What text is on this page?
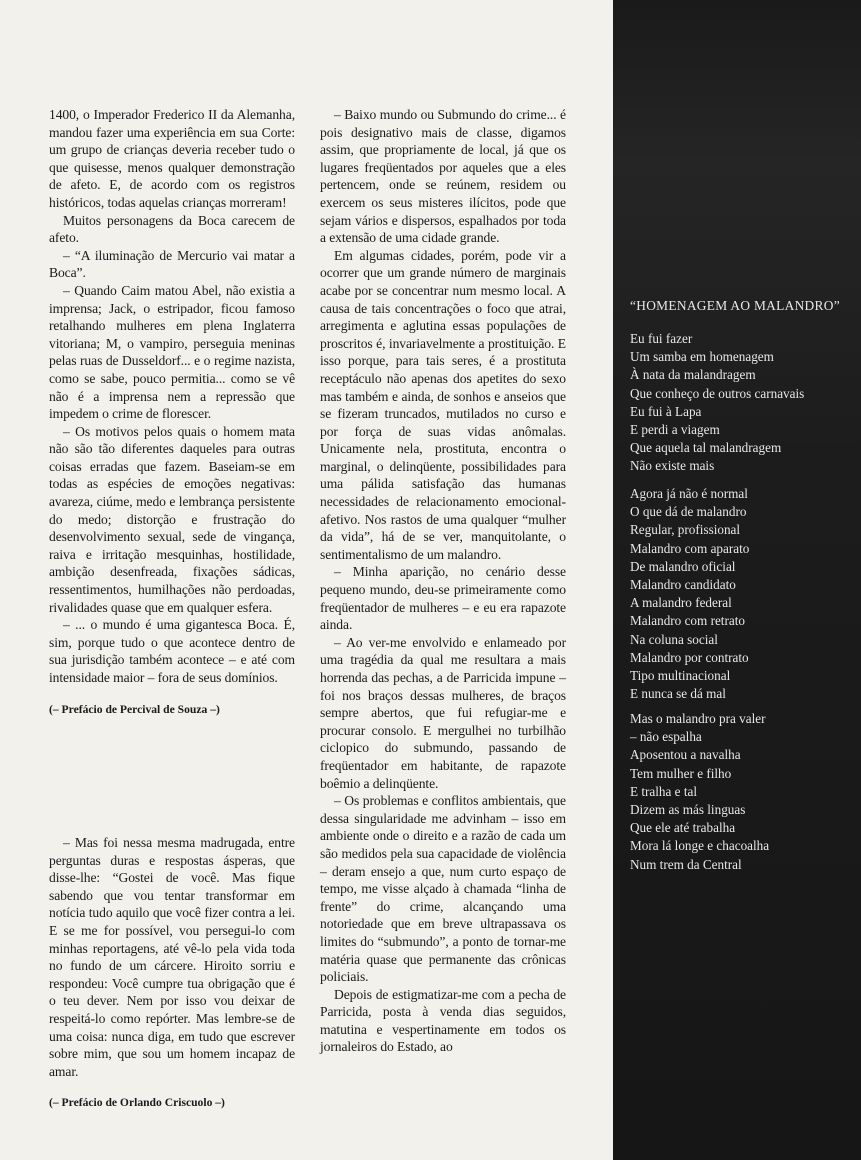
1400, o Imperador Frederico II da Alemanha, mandou fazer uma experiência em sua Corte: um grupo de crianças deveria receber tudo o que quisesse, menos qualquer demonstração de afeto. E, de acordo com os registros históricos, todas aquelas crianças morreram!

Muitos personagens da Boca carecem de afeto.

– “A iluminação de Mercurio vai matar a Boca”.

– Quando Caim matou Abel, não existia a imprensa; Jack, o estripador, ficou famoso retalhando mulheres em plena Inglaterra vitoriana; M, o vampiro, perseguia meninas pelas ruas de Dusseldorf... e o regime nazista, como se sabe, pouco permitia... como se vê não é a imprensa nem a repressão que impedem o crime de florescer.

– Os motivos pelos quais o homem mata não são tão diferentes daqueles para outras coisas erradas que fazem. Baseiam-se em todas as espécies de emoções negativas: avareza, ciúme, medo e lembrança persistente do medo; distorção e frustração do desenvolvimento sexual, sede de vingança, raiva e irritação mesquinhas, hostilidade, ambição desenfreada, fixações sádicas, ressentimentos, humilhações não perdoadas, rivalidades quase que em qualquer esfera.

– ... o mundo é uma gigantesca Boca. É, sim, porque tudo o que acontece dentro de sua jurisdição também acontece – e até com intensidade maior – fora de seus domínios.

(– Prefácio de Percival de Souza –)

– Mas foi nessa mesma madrugada, entre perguntas duras e respostas ásperas, que disse-lhe: “Gostei de você. Mas fique sabendo que vou tentar transformar em notícia tudo aquilo que você fizer contra a lei. E se me for possível, vou persegui-lo com minhas reportagens, até vê-lo pela vida toda no fundo de um cárcere. Hiroito sorriu e respondeu: Você cumpre tua obrigação que é o teu dever. Nem por isso vou deixar de respeitá-lo como repórter. Mas lembre-se de uma coisa: nunca diga, em tudo que escrever sobre mim, que sou um homem incapaz de amar.

(– Prefácio de Orlando Criscuolo –)

– Baixo mundo ou Submundo do crime... é pois designativo mais de classe, digamos assim, que propriamente de local, já que os lugares freqüentados por aqueles que a eles pertencem, onde se reúnem, residem ou exercem os seus misteres ilícitos, pode que sejam vários e dispersos, espalhados por toda a extensão de uma cidade grande.

Em algumas cidades, porém, pode vir a ocorrer que um grande número de marginais acabe por se concentrar num mesmo local. A causa de tais concentrações o foco que atrai, arregimenta e aglutina essas populações de proscritos é, invariavelmente a prostituição. E isso porque, para tais seres, é a prostituta receptáculo não apenas dos apetites do sexo mas também e ainda, de sonhos e anseios que se fizeram truncados, mutilados no curso e por força de suas vidas anômalas. Unicamente nela, prostituta, encontra o marginal, o delinqüente, possibilidades para uma pálida satisfação das humanas necessidades de relacionamento emocional-afetivo. Nos rastos de uma qualquer “mulher da vida”, há de se ver, manquitolante, o sentimentalismo de um malandro.

– Minha aparição, no cenário desse pequeno mundo, deu-se primeiramente como freqüentador de mulheres – e eu era rapazote ainda.

– Ao ver-me envolvido e enlameado por uma tragédia da qual me resultara a mais horrenda das pechas, a de Parricida impune – foi nos braços dessas mulheres, de braços sempre abertos, que fui refugiar-me e procurar consolo. E mergulhei no turbilhão ciclopico do submundo, passando de freqüentador em habitante, de rapazote boêmio a delinqüente.

– Os problemas e conflitos ambientais, que dessa singularidade me advinham – isso em ambiente onde o direito e a razão de cada um são medidos pela sua capacidade de violência – deram ensejo a que, num curto espaço de tempo, me visse alçado à chamada “linha de frente” do crime, alcançando uma notoriedade que em breve ultrapassava os limites do “submundo”, a ponto de tornar-me matéria quase que permanente das crônicas policiais.

Depois de estigmatizar-me com a pecha de Parricida, posta à venda dias seguidos, matutina e vespertinamente em todos os jornaleiros do Estado, ao

“HOMENAGEM AO MALANDRO”
Eu fui fazer
Um samba em homenagem
À nata da malandragem
Que conheço de outros carnavais
Eu fui à Lapa
E perdi a viagem
Que aquela tal malandragem
Não existe mais
Agora já não é normal
O que dá de malandro
Regular, profissional
Malandro com aparato
De malandro oficial
Malandro candidato
A malandro federal
Malandro com retrato
Na coluna social
Malandro por contrato
Tipo multinacional
E nunca se dá mal
Mas o malandro pra valer
– não espalha
Aposentou a navalha
Tem mulher e filho
E tralha e tal
Dizem as más linguas
Que ele até trabalha
Mora lá longe e chacoalha
Num trem da Central
